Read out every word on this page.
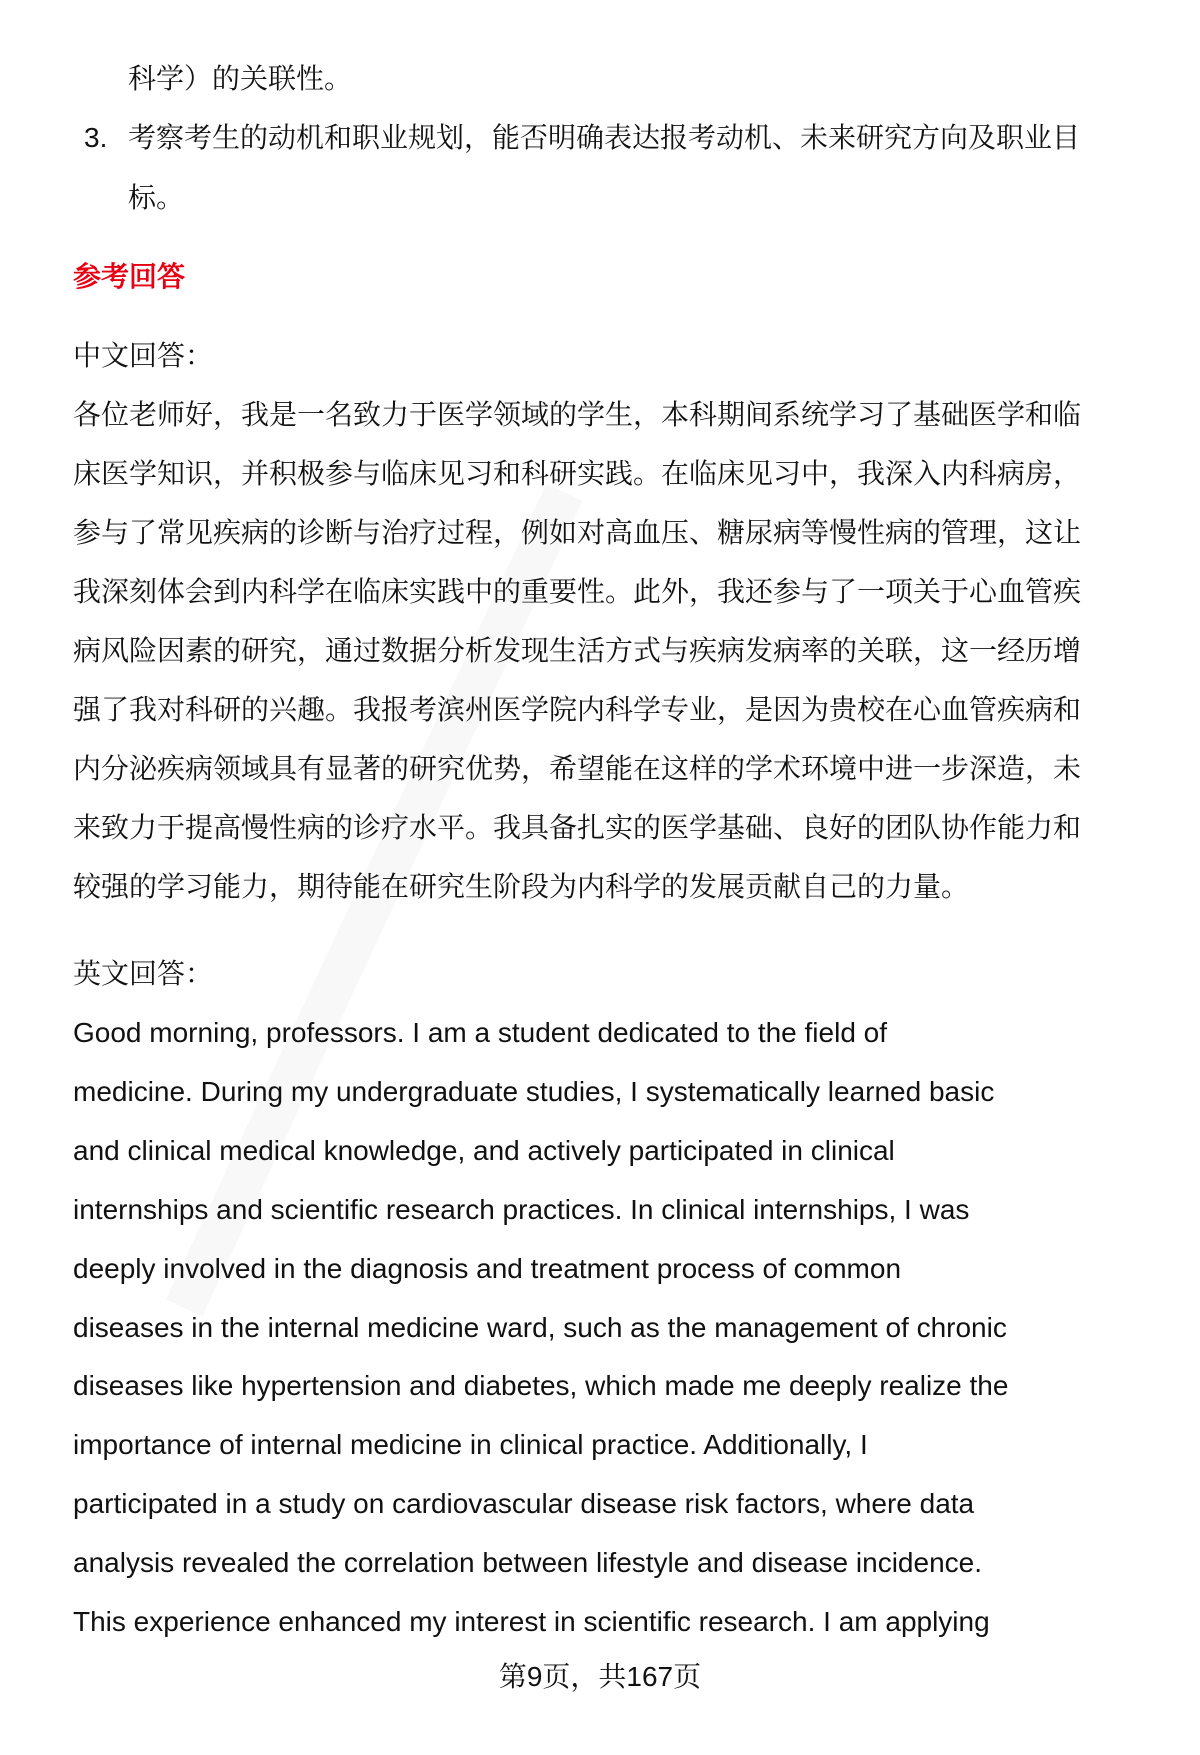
科学）的关联性。
3. 考察考生的动机和职业规划，能否明确表达报考动机、未来研究方向及职业目
标。
参考回答
中文回答：
各位老师好，我是一名致力于医学领域的学生，本科期间系统学习了基础医学和临
床医学知识，并积极参与临床见习和科研实践。在临床见习中，我深入内科病房，
参与了常见疾病的诊断与治疗过程，例如对高血压、糖尿病等慢性病的管理，这让
我深刻体会到内科学在临床实践中的重要性。此外，我还参与了一项关于心血管疾
病风险因素的研究，通过数据分析发现生活方式与疾病发病率的关联，这一经历增
强了我对科研的兴趣。我报考滨州医学院内科学专业，是因为贵校在心血管疾病和
内分泌疾病领域具有显著的研究优势，希望能在这样的学术环境中进一步深造，未
来致力于提高慢性病的诊疗水平。我具备扎实的医学基础、良好的团队协作能力和
较强的学习能力，期待能在研究生阶段为内科学的发展贡献自己的力量。
英文回答：
Good morning, professors. I am a student dedicated to the field of
medicine. During my undergraduate studies, I systematically learned basic
and clinical medical knowledge, and actively participated in clinical
internships and scientific research practices. In clinical internships, I was
deeply involved in the diagnosis and treatment process of common
diseases in the internal medicine ward, such as the management of chronic
diseases like hypertension and diabetes, which made me deeply realize the
importance of internal medicine in clinical practice. Additionally, I
participated in a study on cardiovascular disease risk factors, where data
analysis revealed the correlation between lifestyle and disease incidence.
This experience enhanced my interest in scientific research. I am applying
第9页，共167页
